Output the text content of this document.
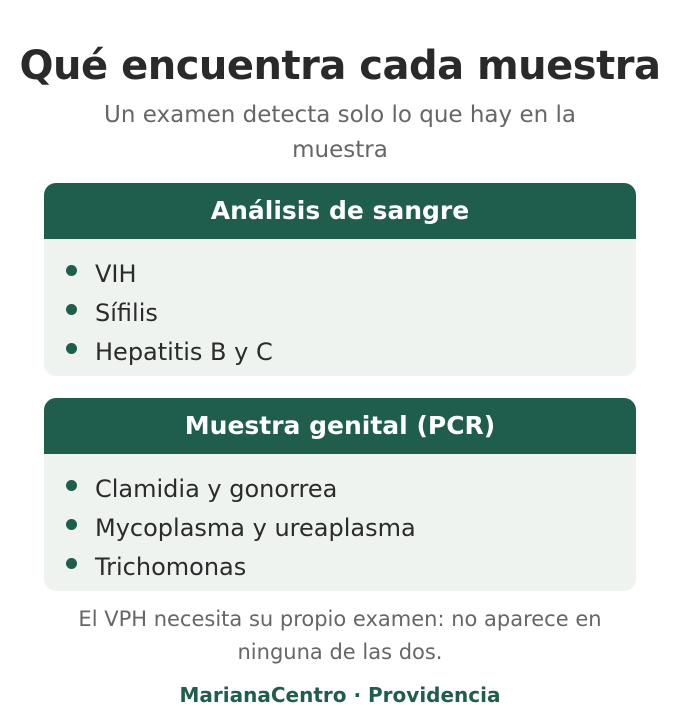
Qué encuentra cada muestra
Un examen detecta solo lo que hay en la muestra
Análisis de sangre
VIH
Sífilis
Hepatitis B y C
Muestra genital (PCR)
Clamidia y gonorrea
Mycoplasma y ureaplasma
Trichomonas
El VPH necesita su propio examen: no aparece en ninguna de las dos.
MarianaCentro · Providencia
